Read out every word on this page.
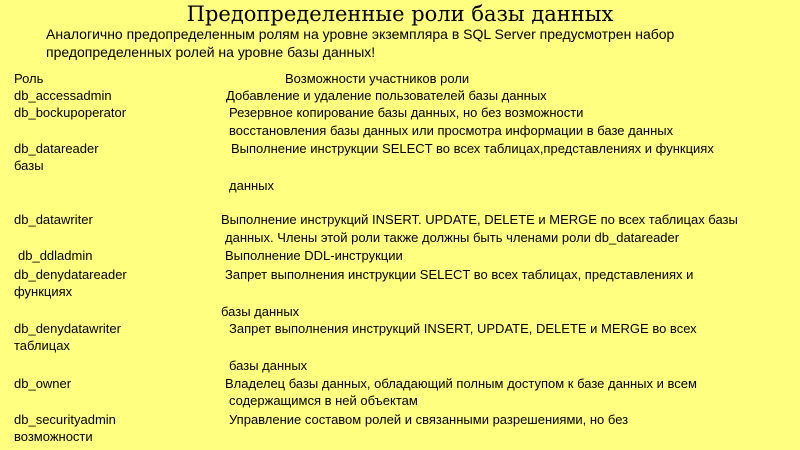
Предопределенные роли базы данных
Аналогично предопределенным ролям на уровне экземпляра в SQL Server предусмотрен набор
предопределенных ролей на уровне базы данных!
Роль	Возможности участников роли
db_accessadmin	Добавление и удаление пользователей базы данных
db_bockupoperator	Резервное копирование базы данных, но без возможности
восстановления базы данных или просмотра информации в базе данных
db_datareader	Выполнение инструкции SELECT во всех таблицах,представлениях и функциях
базы
данных
db_datawriter	Выполнение инструкций INSERT. UPDATE, DELETE и MERGE по всех таблицах базы
данных. Члены этой роли также должны быть членами роли db_datareader
db_ddladmin	Выполнение DDL-инструкции
db_denydatareader	Запрет выполнения инструкции SELECT во всех таблицах, представлениях и
функциях
базы данных
db_denydatawriter	Запрет выполнения инструкций INSERT, UPDATE, DELETE и MERGE во всех
таблицах
базы данных
db_owner	Владелец базы данных, обладающий полным доступом к базе данных и всем
содержащимся в ней объектам
db_securityadmin	Управление составом ролей и связанными разрешениями, но без
возможности
